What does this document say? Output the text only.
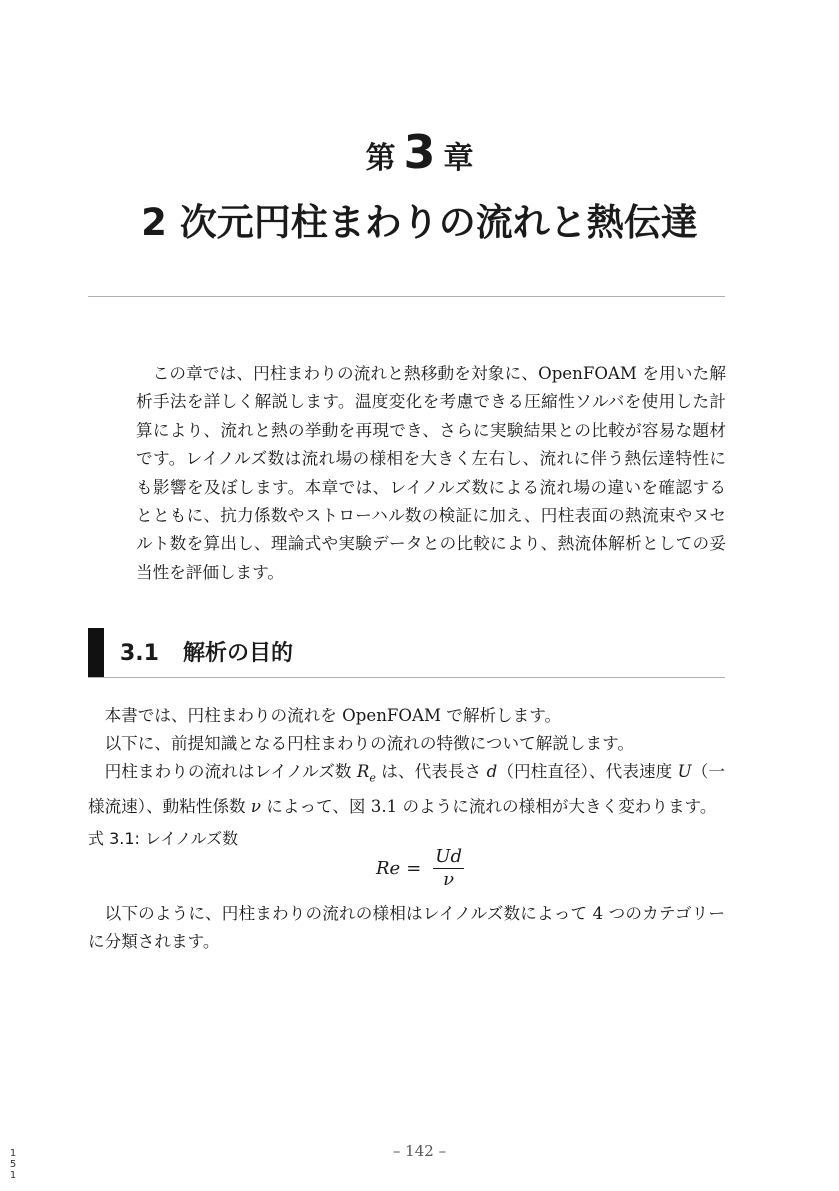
第 3 章
2 次元円柱まわりの流れと熱伝達

この章では、円柱まわりの流れと熱移動を対象に、OpenFOAM を用いた解析手法を詳しく解説します。温度変化を考慮できる圧縮性ソルバを使用した計算により、流れと熱の挙動を再現でき、さらに実験結果との比較が容易な題材です。レイノルズ数は流れ場の様相を大きく左右し、流れに伴う熱伝達特性にも影響を及ぼします。本章では、レイノルズ数による流れ場の違いを確認するとともに、抗力係数やストローハル数の検証に加え、円柱表面の熱流束やヌセルト数を算出し、理論式や実験データとの比較により、熱流体解析としての妥当性を評価します。

3.1 解析の目的

本書では、円柱まわりの流れを OpenFOAM で解析します。

以下に、前提知識となる円柱まわりの流れの特徴について解説します。

円柱まわりの流れはレイノルズ数 $R_e$ は、代表長さ d（円柱直径）、代表速度 U（一様流速）、動粘性係数 ν によって、図 3.1 のように流れの様相が大きく変わります。

式 3.1: レイノルズ数
$Re = \frac{Ud}{\nu}$

以下のように、円柱まわりの流れの様相はレイノルズ数によって 4 つのカテゴリーに分類されます。

– 142 –
1
5
1
